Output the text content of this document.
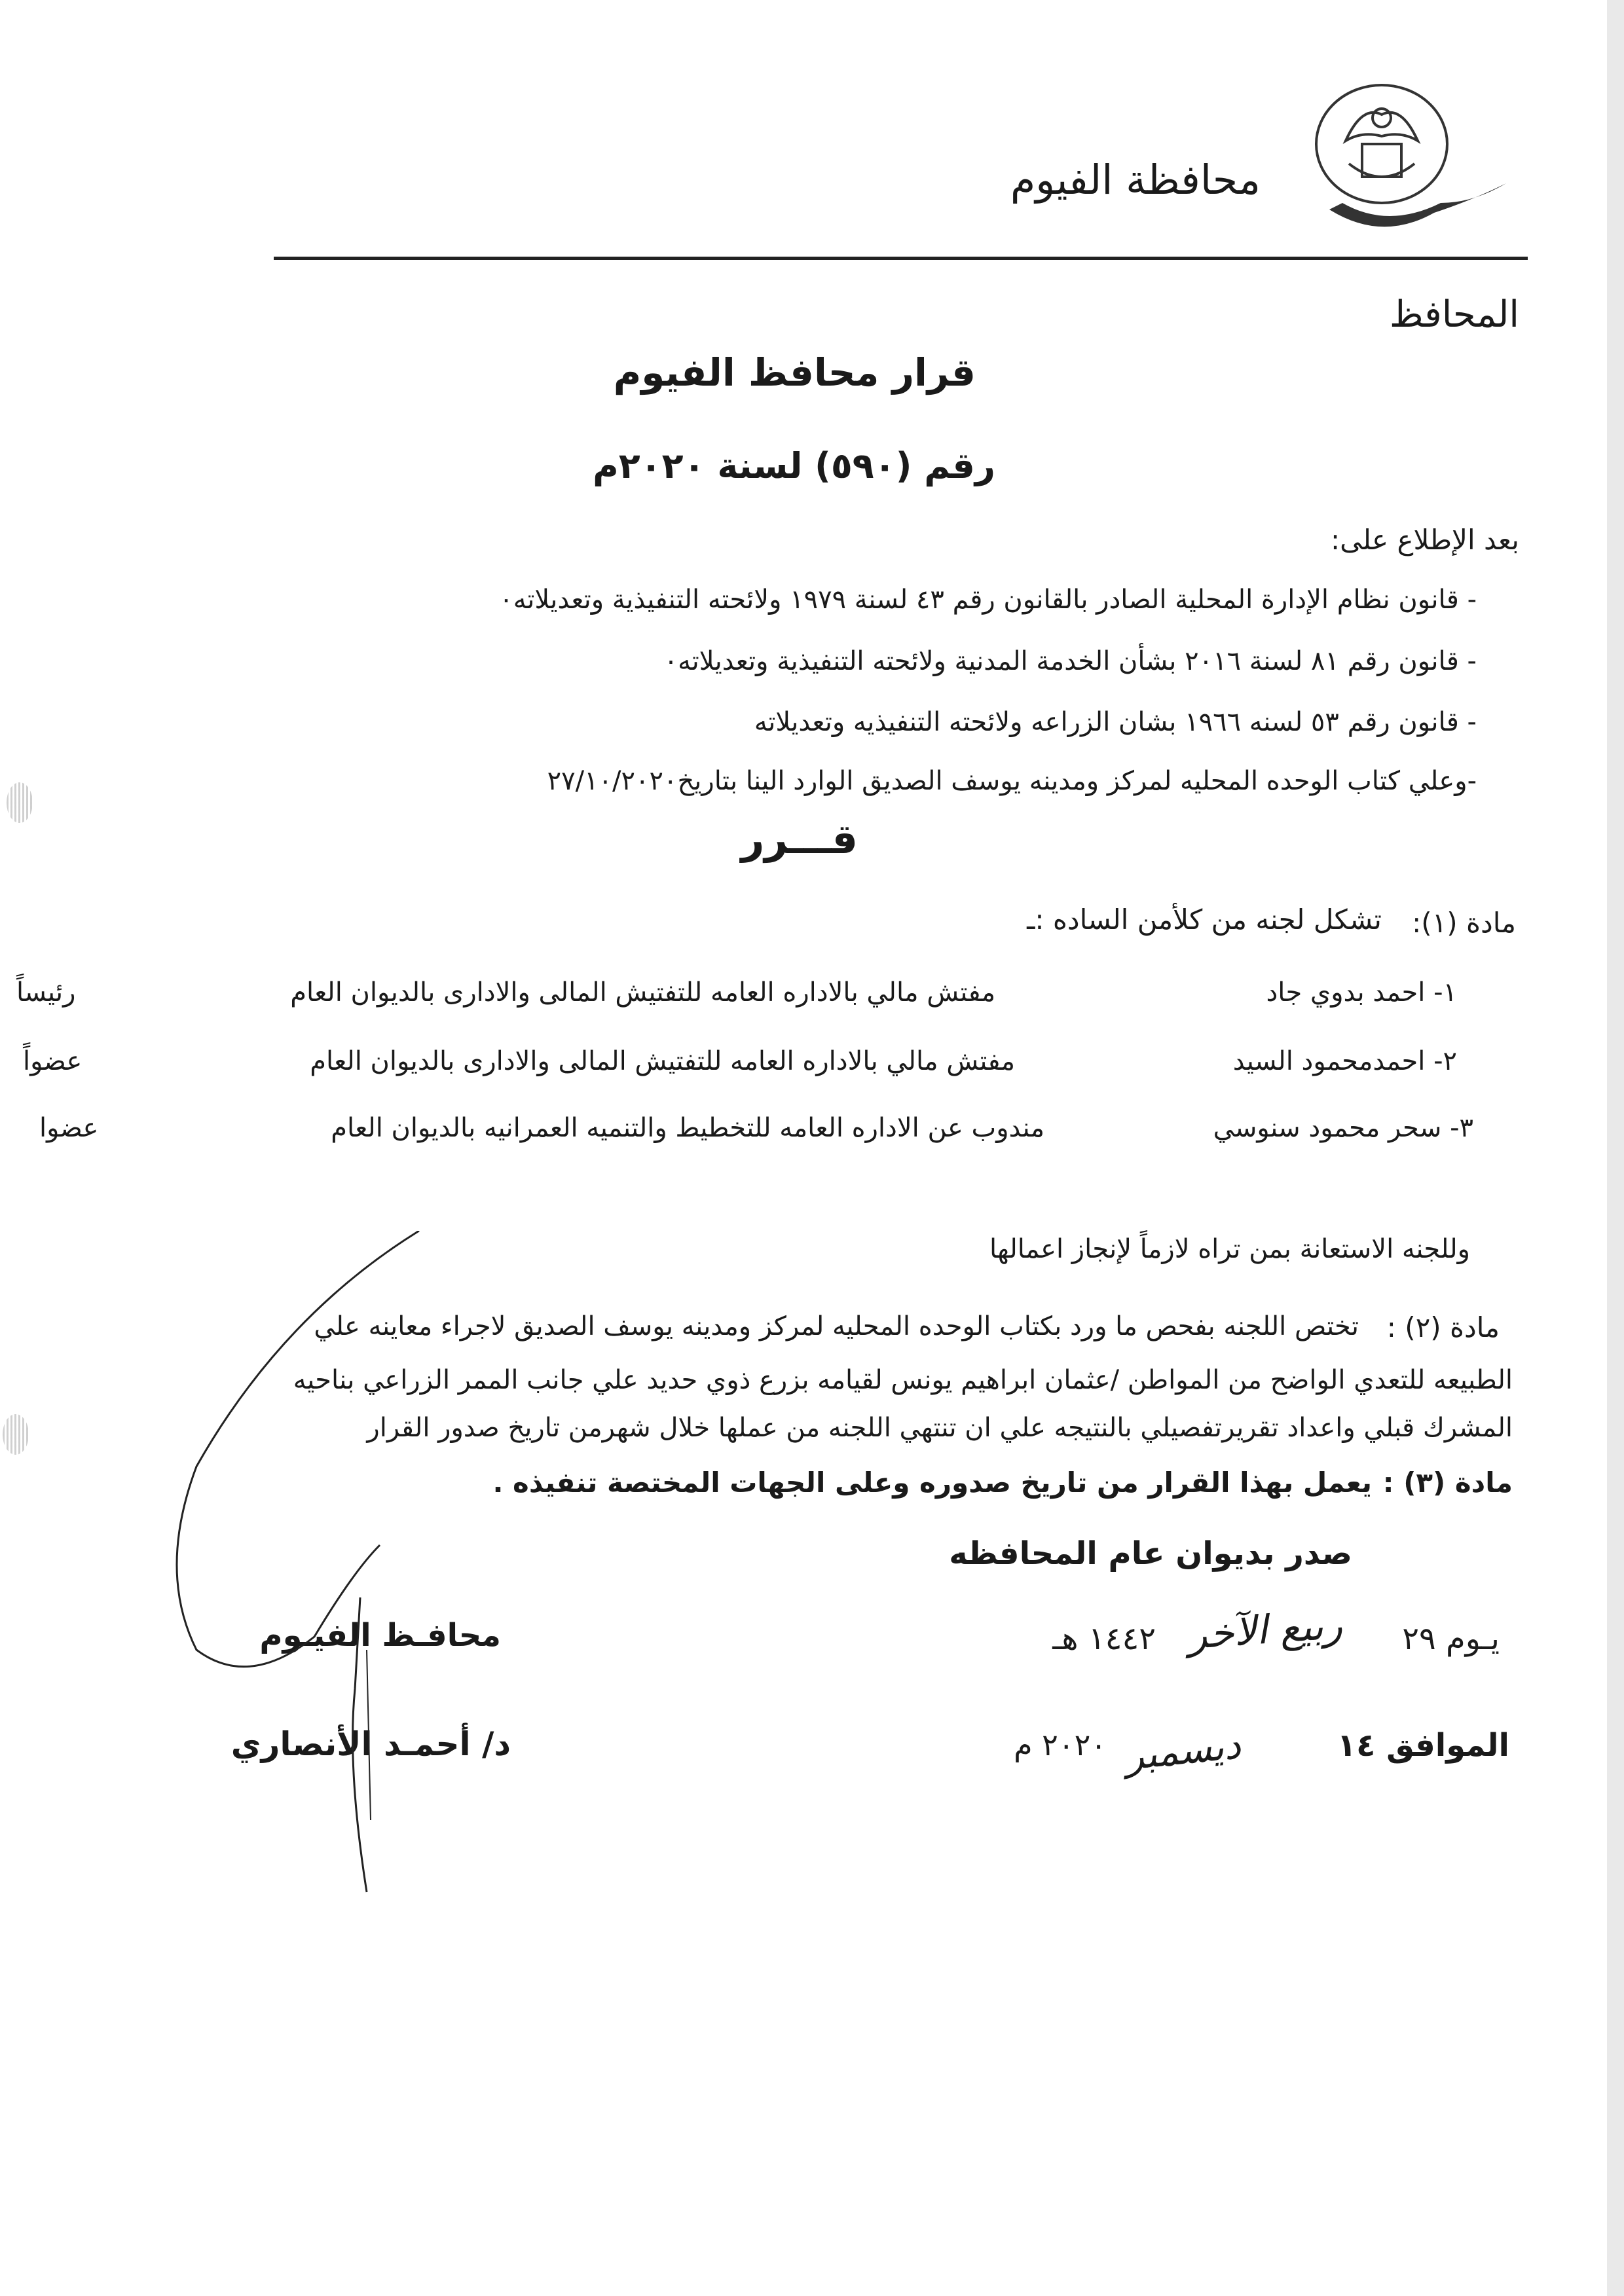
محافظة الفيوم
المحافظ
قرار محافظ الفيوم
رقم (٥٩٠) لسنة ٢٠٢٠م
بعد الإطلاع على:
- قانون نظام الإدارة المحلية الصادر بالقانون رقم ٤٣ لسنة ١٩٧٩ ولائحته التنفيذية وتعديلاته٠
- قانون رقم ٨١ لسنة ٢٠١٦ بشأن الخدمة المدنية ولائحته التنفيذية وتعديلاته٠
- قانون رقم ٥٣ لسنه ١٩٦٦ بشان الزراعه ولائحته التنفيذيه وتعديلاته
-وعلي كتاب الوحده المحليه لمركز ومدينه يوسف الصديق الوارد الينا بتاريخ٢٧/١٠/٢٠٢٠
قـــرر
مادة (١):
تشكل لجنه من كلأمن الساده :ـ
١- احمد بدوي جاد
مفتش مالي بالاداره العامه للتفتيش المالى والادارى بالديوان العام
رئيساً
٢- احمدمحمود السيد
مفتش مالي بالاداره العامه للتفتيش المالى والادارى بالديوان العام
عضواً
٣- سحر محمود سنوسي
مندوب عن الاداره العامه للتخطيط والتنميه العمرانيه بالديوان العام
عضوا
وللجنه الاستعانة بمن تراه لازماً لإنجاز اعمالها
مادة (٢) :
تختص اللجنه بفحص ما ورد بكتاب الوحده المحليه لمركز ومدينه يوسف الصديق لاجراء معاينه علي
الطبيعه للتعدي الواضح من المواطن /عثمان ابراهيم يونس لقيامه بزرع ذوي حديد علي جانب الممر الزراعي بناحيه
المشرك قبلي واعداد تقريرتفصيلي بالنتيجه علي ان تنتهي اللجنه من عملها خلال شهرمن تاريخ صدور القرار
مادة (٣) :
يعمل بهذا القرار من تاريخ صدوره وعلى الجهات المختصة تنفيذه .
صدر بديوان عام المحافظه
يـوم ٢٩
ربيع الآخر
١٤٤٢ هـ
الموافق ١٤
ديسمبر
٢٠٢٠ م
محافـظ الفيـوم
د/ أحمـد الأنصاري
